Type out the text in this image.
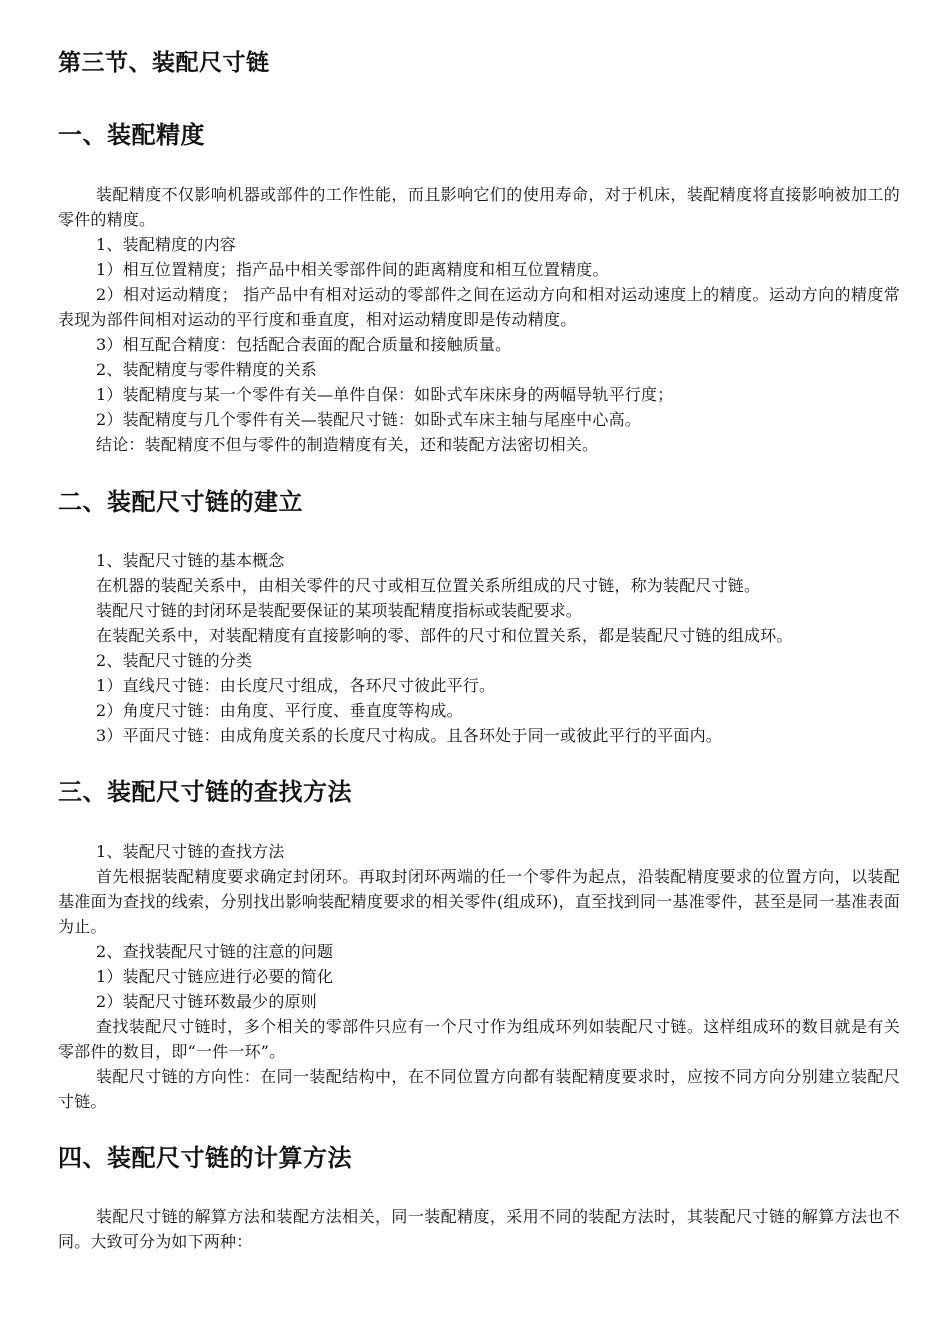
第三节、装配尺寸链
一、装配精度
装配精度不仅影响机器或部件的工作性能，而且影响它们的使用寿命，对于机床，装配精度将直接影响被加工的零件的精度。
1、装配精度的内容
1）相互位置精度；指产品中相关零部件间的距离精度和相互位置精度。
2）相对运动精度； 指产品中有相对运动的零部件之间在运动方向和相对运动速度上的精度。运动方向的精度常表现为部件间相对运动的平行度和垂直度，相对运动精度即是传动精度。
3）相互配合精度：包括配合表面的配合质量和接触质量。
2、装配精度与零件精度的关系
1）装配精度与某一个零件有关—单件自保：如卧式车床床身的两幅导轨平行度；
2）装配精度与几个零件有关—装配尺寸链：如卧式车床主轴与尾座中心高。
结论：装配精度不但与零件的制造精度有关，还和装配方法密切相关。
二、装配尺寸链的建立
1、装配尺寸链的基本概念
在机器的装配关系中，由相关零件的尺寸或相互位置关系所组成的尺寸链，称为装配尺寸链。
装配尺寸链的封闭环是装配要保证的某项装配精度指标或装配要求。
在装配关系中，对装配精度有直接影响的零、部件的尺寸和位置关系，都是装配尺寸链的组成环。
2、装配尺寸链的分类
1）直线尺寸链：由长度尺寸组成，各环尺寸彼此平行。
2）角度尺寸链：由角度、平行度、垂直度等构成。
3）平面尺寸链：由成角度关系的长度尺寸构成。且各环处于同一或彼此平行的平面内。
三、装配尺寸链的查找方法
1、装配尺寸链的查找方法
首先根据装配精度要求确定封闭环。再取封闭环两端的任一个零件为起点，沿装配精度要求的位置方向，以装配基准面为查找的线索，分别找出影响装配精度要求的相关零件(组成环)，直至找到同一基准零件，甚至是同一基准表面为止。
2、查找装配尺寸链的注意的问题
1）装配尺寸链应进行必要的简化
2）装配尺寸链环数最少的原则
查找装配尺寸链时，多个相关的零部件只应有一个尺寸作为组成环列如装配尺寸链。这样组成环的数目就是有关零部件的数目，即“一件一环”。
装配尺寸链的方向性：在同一装配结构中，在不同位置方向都有装配精度要求时，应按不同方向分别建立装配尺寸链。
四、装配尺寸链的计算方法
装配尺寸链的解算方法和装配方法相关，同一装配精度，采用不同的装配方法时，其装配尺寸链的解算方法也不同。大致可分为如下两种：
